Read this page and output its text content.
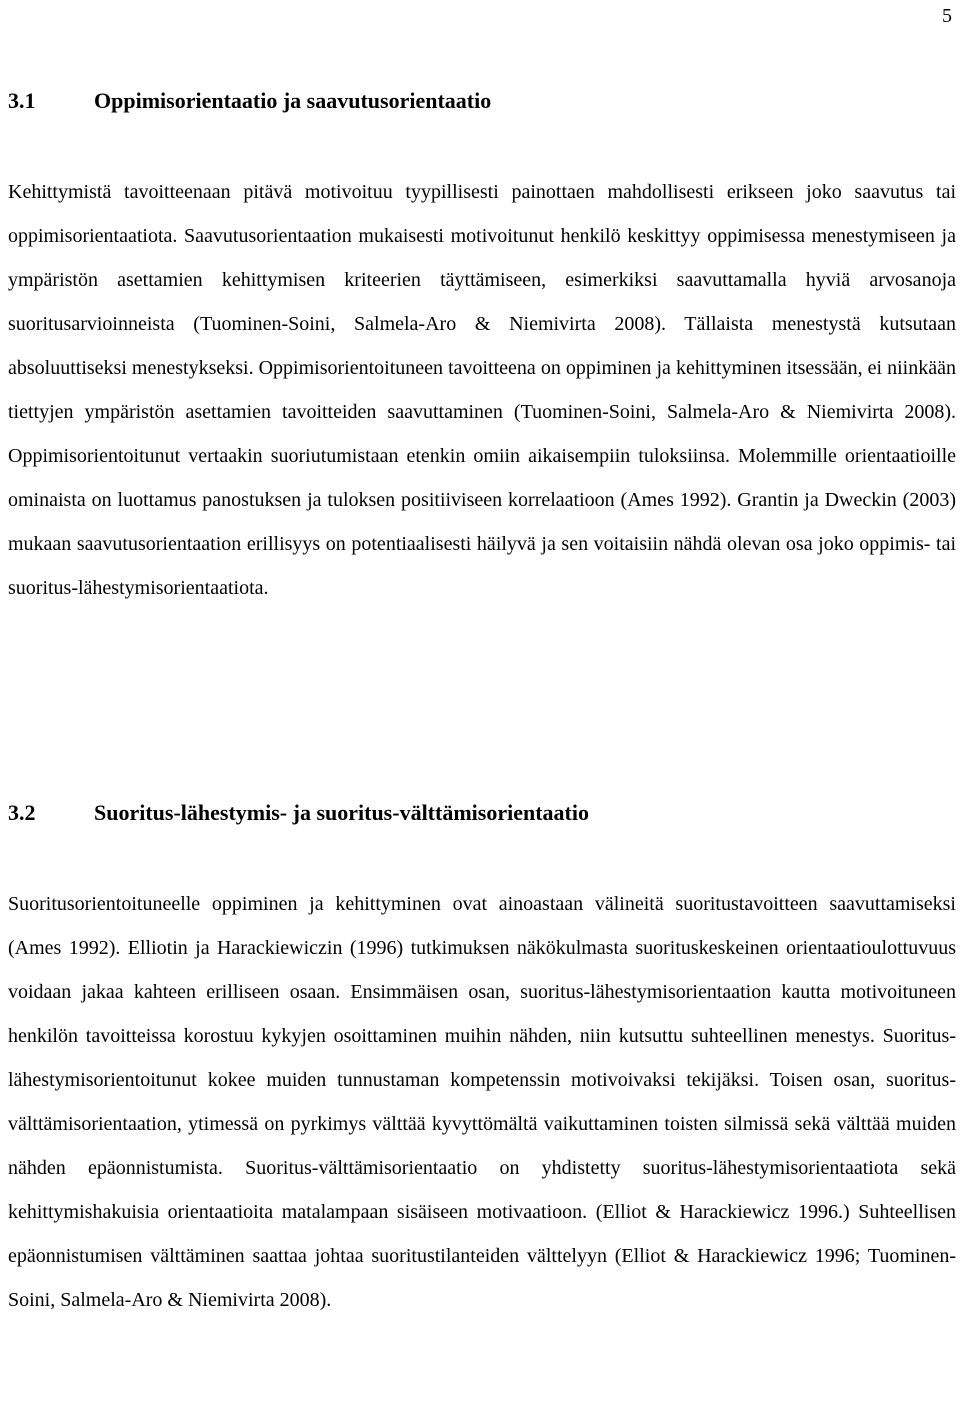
5
3.1	Oppimisorientaatio ja saavutusorientaatio

Kehittymistä tavoitteenaan pitävä motivoituu tyypillisesti painottaen mahdollisesti erikseen joko saavutus tai oppimisorientaatiota. Saavutusorientaation mukaisesti motivoitunut henkilö keskittyy oppimisessa menestymiseen ja ympäristön asettamien kehittymisen kriteerien täyttämiseen, esimerkiksi saavuttamalla hyviä arvosanoja suoritusarvioinneista (Tuominen-Soini, Salmela-Aro & Niemivirta 2008). Tällaista menestystä kutsutaan absoluuttiseksi menestykseksi. Oppimisorientoituneen tavoitteena on oppiminen ja kehittyminen itsessään, ei niinkään tiettyjen ympäristön asettamien tavoitteiden saavuttaminen (Tuominen-Soini, Salmela-Aro & Niemivirta 2008). Oppimisorientoitunut vertaakin suoriutumistaan etenkin omiin aikaisempiin tuloksiinsa. Molemmille orientaatioille ominaista on luottamus panostuksen ja tuloksen positiiviseen korrelaatioon (Ames 1992). Grantin ja Dweckin (2003) mukaan saavutusorientaation erillisyys on potentiaalisesti häilyvä ja sen voitaisiin nähdä olevan osa joko oppimis- tai suoritus-lähestymisorientaatiota.

3.2	Suoritus-lähestymis- ja suoritus-välttämisorientaatio

Suoritusorientoituneelle oppiminen ja kehittyminen ovat ainoastaan välineitä suoritustavoitteen saavuttamiseksi (Ames 1992). Elliotin ja Harackiewiczin (1996) tutkimuksen näkökulmasta suorituskeskeinen orientaatioulottuvuus voidaan jakaa kahteen erilliseen osaan. Ensimmäisen osan, suoritus-lähestymisorientaation kautta motivoituneen henkilön tavoitteissa korostuu kykyjen osoittaminen muihin nähden, niin kutsuttu suhteellinen menestys. Suoritus-lähestymisorientoitunut kokee muiden tunnustaman kompetenssin motivoivaksi tekijäksi. Toisen osan, suoritus-välttämisorientaation, ytimessä on pyrkimys välttää kyvyttömältä vaikuttaminen toisten silmissä sekä välttää muiden nähden epäonnistumista. Suoritus-välttämisorientaatio on yhdistetty suoritus-lähestymisorientaatiota sekä kehittymishakuisia orientaatioita matalampaan sisäiseen motivaatioon. (Elliot & Harackiewicz 1996.) Suhteellisen epäonnistumisen välttäminen saattaa johtaa suoritustilanteiden välttelyyn (Elliot & Harackiewicz 1996; Tuominen-Soini, Salmela-Aro & Niemivirta 2008).
